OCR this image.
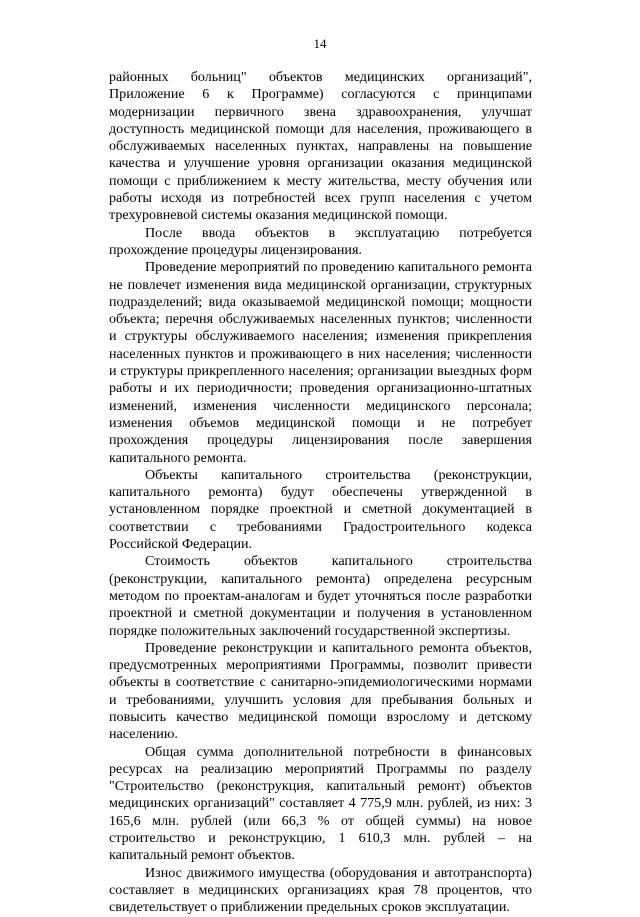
14

районных больниц" объектов медицинских организаций", Приложение 6 к Программе) согласуются с принципами модернизации первичного звена здравоохранения, улучшат доступность медицинской помощи для населения, проживающего в обслуживаемых населенных пунктах, направлены на повышение качества и улучшение уровня организации оказания медицинской помощи с приближением к месту жительства, месту обучения или работы исходя из потребностей всех групп населения с учетом трехуровневой системы оказания медицинской помощи.

После ввода объектов в эксплуатацию потребуется прохождение процедуры лицензирования.

Проведение мероприятий по проведению капитального ремонта не повлечет изменения вида медицинской организации, структурных подразделений; вида оказываемой медицинской помощи; мощности объекта; перечня обслуживаемых населенных пунктов; численности и структуры обслуживаемого населения; изменения прикрепления населенных пунктов и проживающего в них населения; численности и структуры прикрепленного населения; организации выездных форм работы и их периодичности; проведения организационно-штатных изменений, изменения численности медицинского персонала; изменения объемов медицинской помощи и не потребует прохождения процедуры лицензирования после завершения капитального ремонта.

Объекты капитального строительства (реконструкции, капитального ремонта) будут обеспечены утвержденной в установленном порядке проектной и сметной документацией в соответствии с требованиями Градостроительного кодекса Российской Федерации.

Стоимость объектов капитального строительства (реконструкции, капитального ремонта) определена ресурсным методом по проектам-аналогам и будет уточняться после разработки проектной и сметной документации и получения в установленном порядке положительных заключений государственной экспертизы.

Проведение реконструкции и капитального ремонта объектов, предусмотренных мероприятиями Программы, позволит привести объекты в соответствие с санитарно-эпидемиологическими нормами и требованиями, улучшить условия для пребывания больных и повысить качество медицинской помощи взрослому и детскому населению.

Общая сумма дополнительной потребности в финансовых ресурсах на реализацию мероприятий Программы по разделу "Строительство (реконструкция, капитальный ремонт) объектов медицинских организаций" составляет 4 775,9 млн. рублей, из них: 3 165,6 млн. рублей (или 66,3 % от общей суммы) на новое строительство и реконструкцию, 1 610,3 млн. рублей – на капитальный ремонт объектов.

Износ движимого имущества (оборудования и автотранспорта) составляет в медицинских организациях края 78 процентов, что свидетельствует о приближении предельных сроков эксплуатации.
